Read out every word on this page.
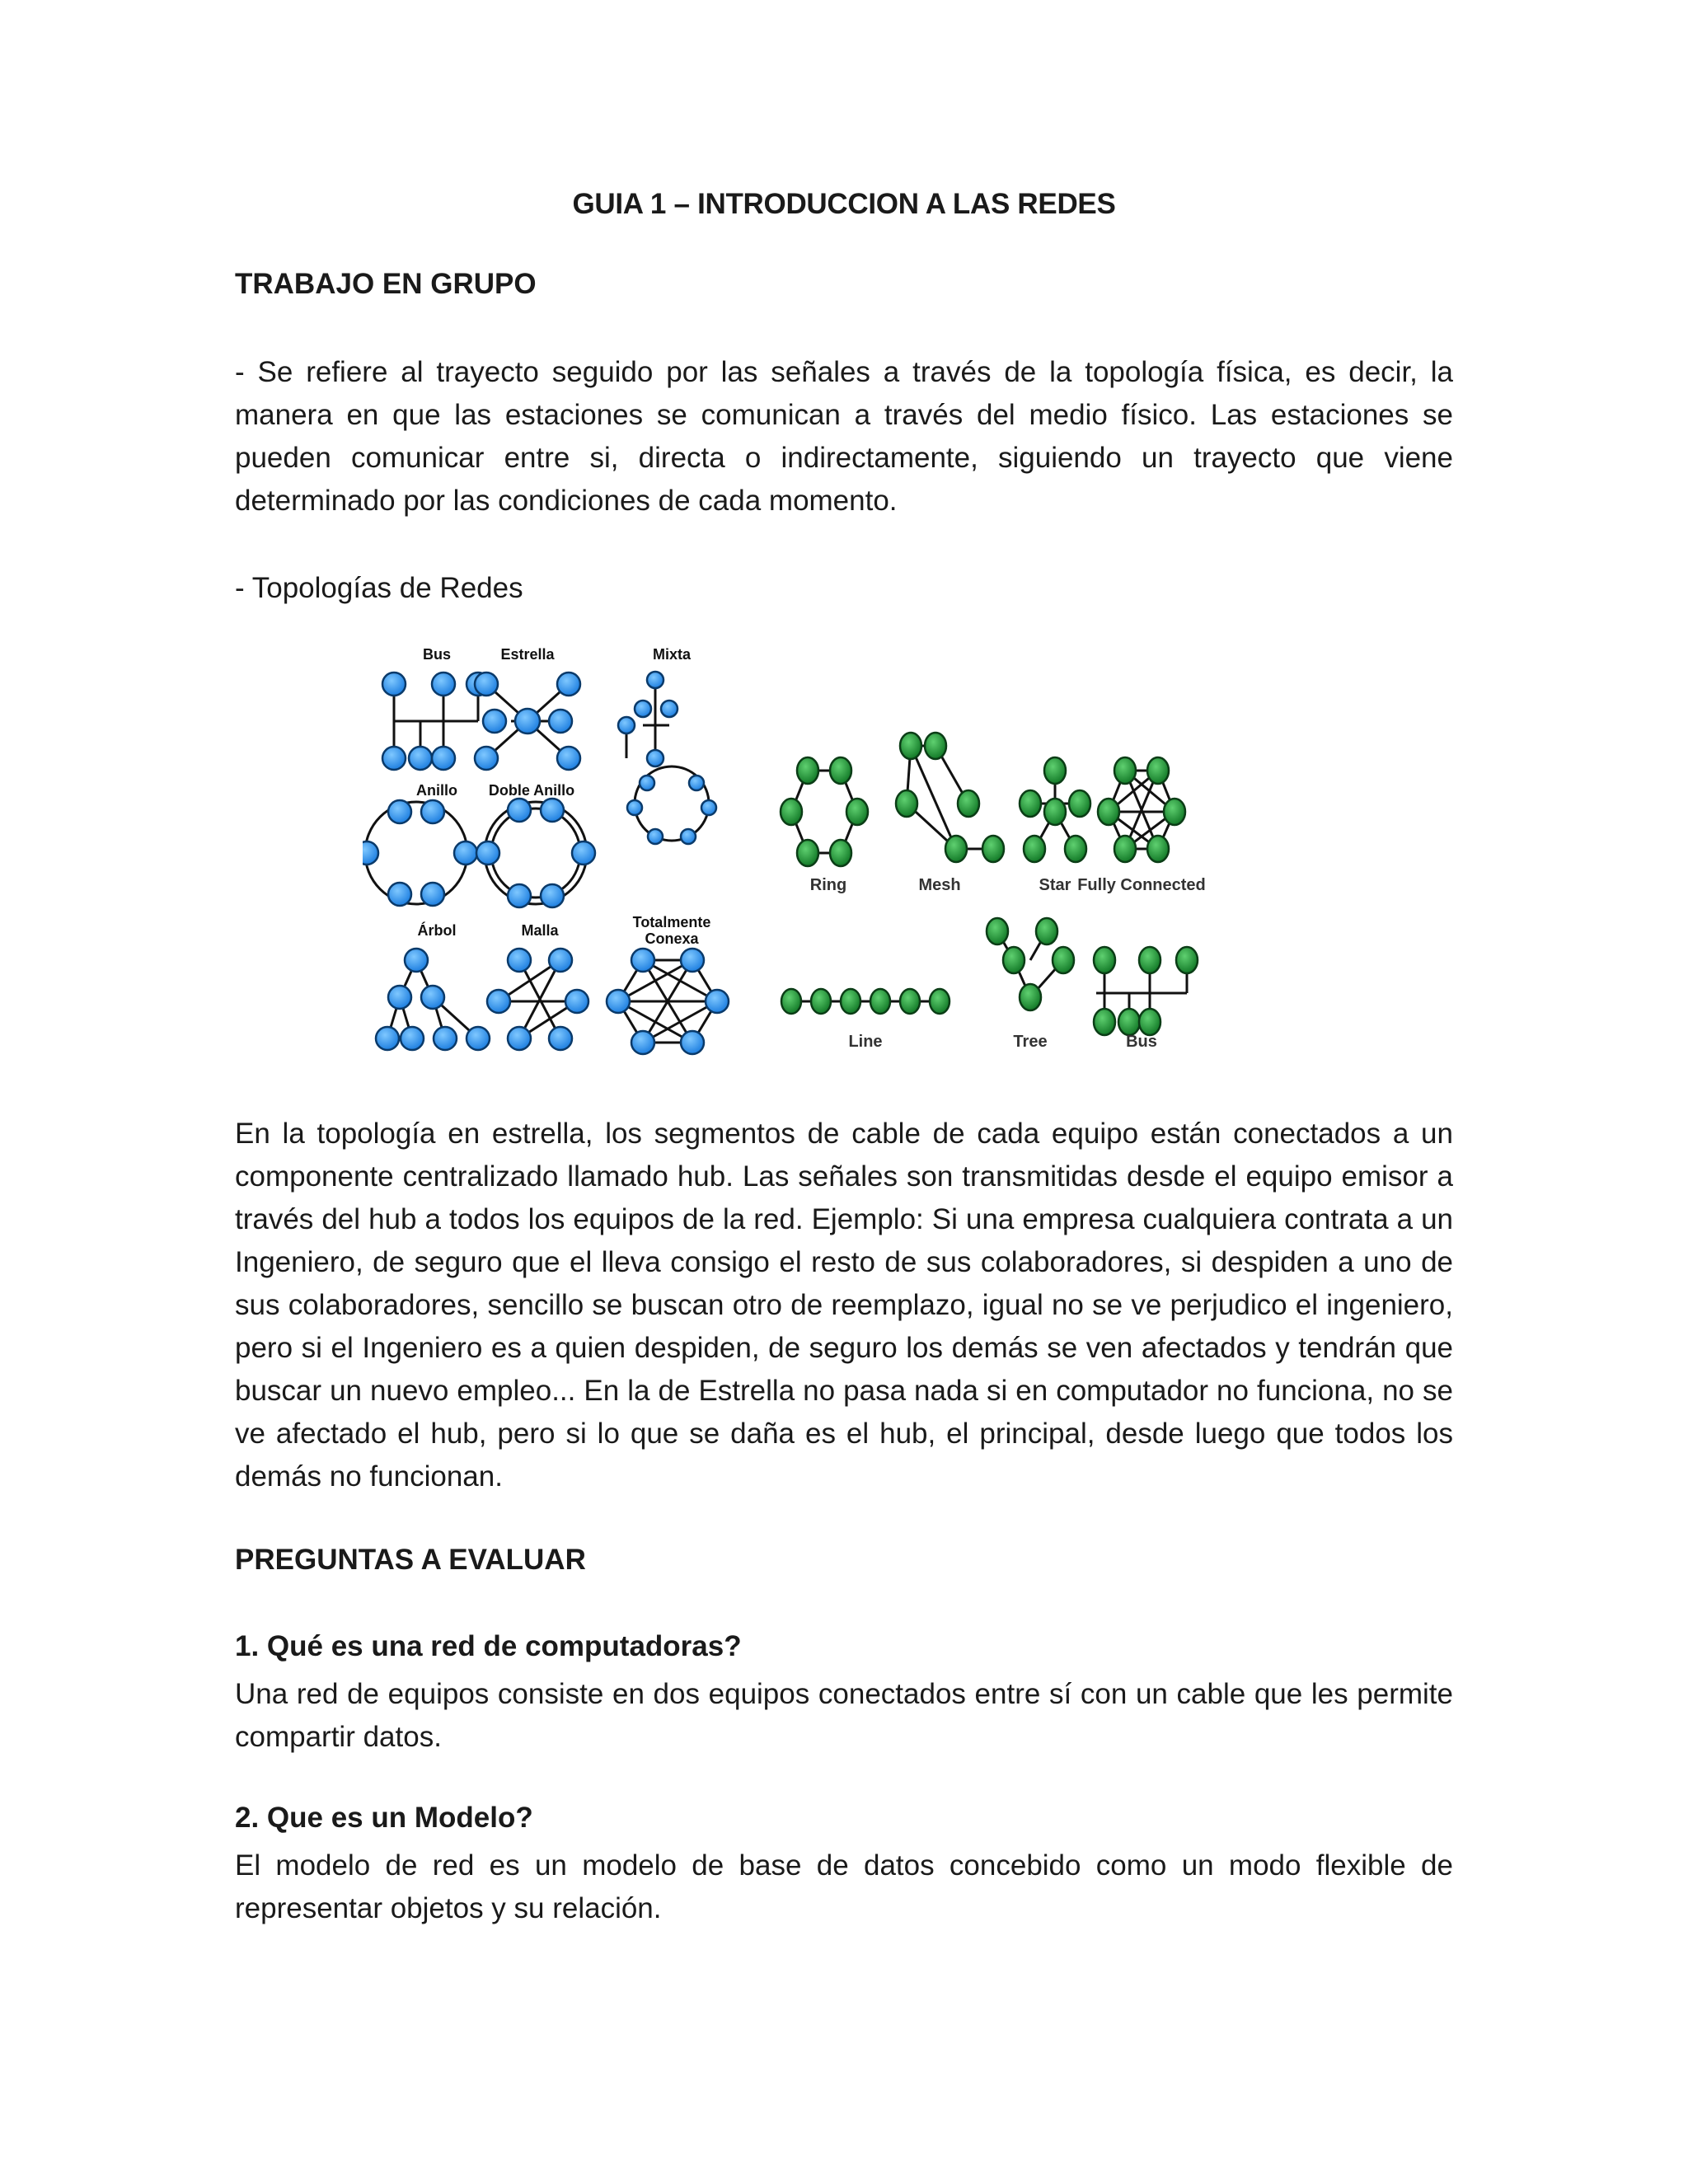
GUIA 1 – INTRODUCCION A LAS REDES
TRABAJO EN GRUPO

- Se refiere al trayecto seguido por las señales a través de la topología física, es decir, la manera en que las estaciones se comunican a través del medio físico. Las estaciones se pueden comunicar entre si, directa o indirectamente, siguiendo un trayecto que viene determinado por las condiciones de cada momento.

- Topologías de Redes
Bus	Estrella	Mixta
Anillo Doble Anillo
Árbol	Malla	Totalmente
Conexa
Ring	Mesh	Star Fully Connected
Line	Tree	Bus

En la topología en estrella, los segmentos de cable de cada equipo están conectados a un componente centralizado llamado hub. Las señales son transmitidas desde el equipo emisor a través del hub a todos los equipos de la red. Ejemplo: Si una empresa cualquiera contrata a un Ingeniero, de seguro que el lleva consigo el resto de sus colaboradores, si despiden a uno de sus colaboradores, sencillo se buscan otro de reemplazo, igual no se ve perjudico el ingeniero, pero si el Ingeniero es a quien despiden, de seguro los demás se ven afectados y tendrán que buscar un nuevo empleo... En la de Estrella no pasa nada si en computador no funciona, no se ve afectado el hub, pero si lo que se daña es el hub, el principal, desde luego que todos los demás no funcionan.

PREGUNTAS A EVALUAR
1. Qué es una red de computadoras?

Una red de equipos consiste en dos equipos conectados entre sí con un cable que les permite compartir datos.

2. Que es un Modelo?

El modelo de red es un modelo de base de datos concebido como un modo flexible de representar objetos y su relación.
